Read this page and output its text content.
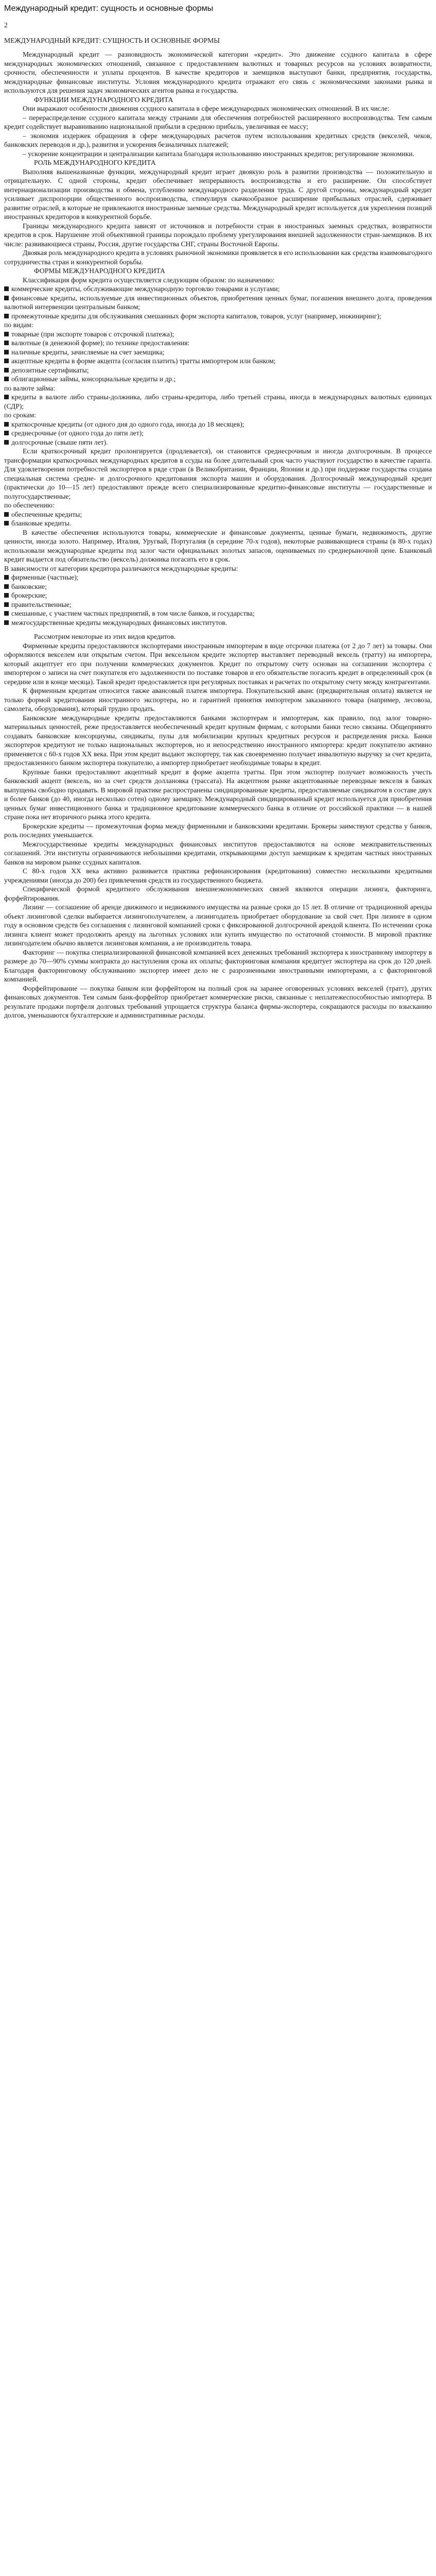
Международный кредит: сущность и основные формы
2
МЕЖДУНАРОДНЫЙ КРЕДИТ: СУЩНОСТЬ И ОСНОВНЫЕ ФОРМЫ
Международный кредит — разновидность экономической категории «кредит». Это движение ссудного капитала в сфере международных экономических отношений, связанное с предоставлением валютных и товарных ресурсов на условиях возвратности, срочности, обеспеченности и уплаты процентов. В качестве кредиторов и заемщиков выступают банки, предприятия, государства, международные финансовые институты. Условия международного кредита отражают его связь с экономическими законами рынка и используются для решения задач экономических агентов рынка и государства.
ФУНКЦИИ МЕЖДУНАРОДНОГО КРЕДИТА
Они выражают особенности движения ссудного капитала в сфере международных экономических отношений. В их числе:
– перераспределение ссудного капитала между странами для обеспечения потребностей расширенного воспроизводства. Тем самым кредит содействует выравниванию национальной прибыли в среднюю прибыль, увеличивая ее массу;
– экономия издержек обращения в сфере международных расчетов путем использования кредитных средств (векселей, чеков, банковских переводов и др.), развития и ускорения безналичных платежей;
– ускорение концентрации и централизации капитала благодаря использованию иностранных кредитов; регулирование экономики.
РОЛЬ МЕЖДУНАРОДНОГО КРЕДИТА
Выполняя вышеназванные функции, международный кредит играет двоякую роль в развитии производства — положительную и отрицательную. С одной стороны, кредит обеспечивает непрерывность воспроизводства и его расширение. Он способствует интернационализации производства и обмена, углублению международного разделения труда. С другой стороны, международный кредит усиливает диспропорции общественного воспроизводства, стимулируя скачкообразное расширение прибыльных отраслей, сдерживает развитие отраслей, в которые не привлекаются иностранные заемные средства. Международный кредит используется для укрепления позиций иностранных кредиторов в конкурентной борьбе.
Границы международного кредита зависят от источников и потребности стран в иностранных заемных средствах, возвратности кредитов в срок. Нарушение этой объективной границы порождало проблему урегулирования внешней задолженности стран-заемщиков. В их числе: развивающиеся страны, Россия, другие государства СНГ, страны Восточной Европы.
Двоякая роль международного кредита в условиях рыночной экономики проявляется в его использовании как средства взаимовыгодного сотрудничества стран и конкурентной борьбы.
ФОРМЫ МЕЖДУНАРОДНОГО КРЕДИТА
Классификация форм кредита осуществляется следующим образом: по назначению:
коммерческие кредиты, обслуживающие международную торговлю товарами и услугами;
финансовые кредиты, используемые для инвестиционных объектов, приобретения ценных бумаг, погашения внешнего долга, проведения валютной интервенции центральным банком;
промежуточные кредиты для обслуживания смешанных форм экспорта капиталов, товаров, услуг (например, инжиниринг);
по видам:
товарные (при экспорте товаров с отсрочкой платежа);
валютные (в денежной форме); по технике предоставления:
наличные кредиты, зачисляемые на счет заемщика;
акцептные кредиты в форме акцепта (согласия платить) тратты импортером или банком;
депозитные сертификаты;
облигационные займы, консорциальные кредиты и др.;
по валюте займа:
кредиты в валюте либо страны-должника, либо страны-кредитора, либо третьей страны, иногда в международных валютных единицах (СДР);
по срокам:
краткосрочные кредиты (от одного дня до одного года, иногда до 18 месяцев);
среднесрочные (от одного года до пяти лет);
долгосрочные (свыше пяти лет).
Если краткосрочный кредит пролонгируется (продлевается), он становится среднесрочным и иногда долгосрочным. В процессе трансформации краткосрочных международных кредитов в ссуды на более длительный срок часто участвуют государство в качестве гаранта. Для удовлетворения потребностей экспортеров в ряде стран (в Великобритании, Франции, Японии и др.) при поддержке государства создана специальная система средне- и долгосрочного кредитования экспорта машин и оборудования. Долгосрочный международный кредит (практически до 10—15 лет) предоставляют прежде всего специализированные кредитно-финансовые институты — государственные и полугосударственные;
по обеспечению:
обеспеченные кредиты;
бланковые кредиты.
В качестве обеспечения используются товары, коммерческие и финансовые документы, ценные бумаги, недвижимость, другие ценности, иногда золото. Например, Италия, Уругвай, Португалия (в середине 70-х годов), некоторые развивающиеся страны (в 80-х годах) использовали международные кредиты под залог части официальных золотых запасов, оцениваемых по среднерыночной цене. Бланковый кредит выдается под обязательство (вексель) должника погасить его в срок.
В зависимости от категории кредитора различаются международные кредиты:
фирменные (частные);
банковские;
брокерские;
правительственные;
смешанные, с участием частных предприятий, в том числе банков, и государства;
межгосударственные кредиты международных финансовых институтов.
Рассмотрим некоторые из этих видов кредитов.
Фирменные кредиты предоставляются экспортерами иностранным импортерам в виде отсрочки платежа (от 2 до 7 лет) за товары. Они оформляются векселем или открытым счетом. При вексельном кредите экспортер выставляет переводный вексель (тратту) на импортера, который акцептует его при получении коммерческих документов. Кредит по открытому счету основан на соглашении экспортера с импортером о записи на счет покупателя его задолженности по поставке товаров и его обязательстве погасить кредит в определенный срок (в середине или в конце месяца). Такой кредит предоставляется при регулярных поставках и расчетах по открытому счету между контрагентами.
К фирменным кредитам относится также авансовый платеж импортера. Покупательский аванс (предварительная оплата) является не только формой кредитования иностранного экспортера, но и гарантией принятия импортером заказанного товара (например, лесовоза, самолета, оборудования), который трудно продать.
Банковские международные кредиты предоставляются банками экспортерам и импортерам, как правило, под залог товарно-материальных ценностей, реже предоставляется необеспеченный кредит крупным фирмам, с которыми банки тесно связаны. Общепринято создавать банковские консорциумы, синдикаты, пулы для мобилизации крупных кредитных ресурсов и распределения риска. Банки экспортеров кредитуют не только национальных экспортеров, но и непосредственно иностранного импортера: кредит покупателю активно применяется с 60-х годов XX века. При этом кредит выдают экспортеру, так как своевременно получает инвалютную выручку за счет кредита, предоставленного банком экспортера покупателю, а импортер приобретает необходимые товары в кредит.
Крупные банки предоставляют акцептный кредит в форме акцепта тратты. При этом экспортер получает возможность учесть банковский акцепт (вексель, но за счет средств доллановка (трассата). На акцептном рынке акцептованные переводные векселя в банках выпущены свободно продавать. В мировой практике распространены синдицированные кредиты, предоставляемые синдикатом в составе двух и более банков (до 40, иногда несколько сотен) одному заемщику. Международный синдицированный кредит используется для приобретения ценных бумаг инвестиционного банка и традиционное кредитование коммерческого банка в отличие от российской практики — в нашей стране пока нет вторичного рынка этого кредита.
Брокерские кредиты — промежуточная форма между фирменными и банковскими кредитами. Брокеры заимствуют средства у банков, роль последних уменьшается.
Межгосударственные кредиты международных финансовых институтов предоставляются на основе межправительственных соглашений. Эти институты ограничиваются небольшими кредитами, открывающими доступ заемщикам к кредитам частных иностранных банков на мировом рынке ссудных капиталов.
С 80-х годов XX века активно развивается практика рефинансирования (кредитования) совместно несколькими кредитными учреждениями (иногда до 200) без привлечения средств из государственного бюджета.
Специфической формой кредитного обслуживания внешнеэкономических связей являются операции лизинга, факторинга, форфейтирования.
Лизинг — соглашение об аренде движимого и недвижимого имущества на разные сроки до 15 лет. В отличие от традиционной аренды объект лизинговой сделки выбирается лизингополучателем, а лизингодатель приобретает оборудование за свой счет. При лизинге в одном году в основном средств без соглашения с лизинговой компанией сроки с фиксированной долгосрочной арендой клиента. По истечении срока лизинга клиент может продолжить аренду на льготных условиях или купить имущество по остаточной стоимости. В мировой практике лизингодателем обычно является лизинговая компания, а не производитель товара.
Факторинг — покупка специализированной финансовой компанией всех денежных требований экспортера к иностранному импортеру в размере до 70—90% суммы контракта до наступления срока их оплаты; факторинговая компания кредитует экспортера на срок до 120 дней. Благодаря факторинговому обслуживанию экспортер имеет дело не с разрозненными иностранными импортерами, а с факторинговой компанией.
Форфейтирование — покупка банком или форфейтором на полный срок на заранее оговоренных условиях векселей (тратт), других финансовых документов. Тем самым банк-форфейтор приобретает коммерческие риски, связанные с неплатежеспособностью импортера. В результате продажи портфеля долговых требований упрощается структура баланса фирмы-экспортера, сокращаются расходы по взысканию долгов, уменьшаются бухгалтерские и административные расходы.
